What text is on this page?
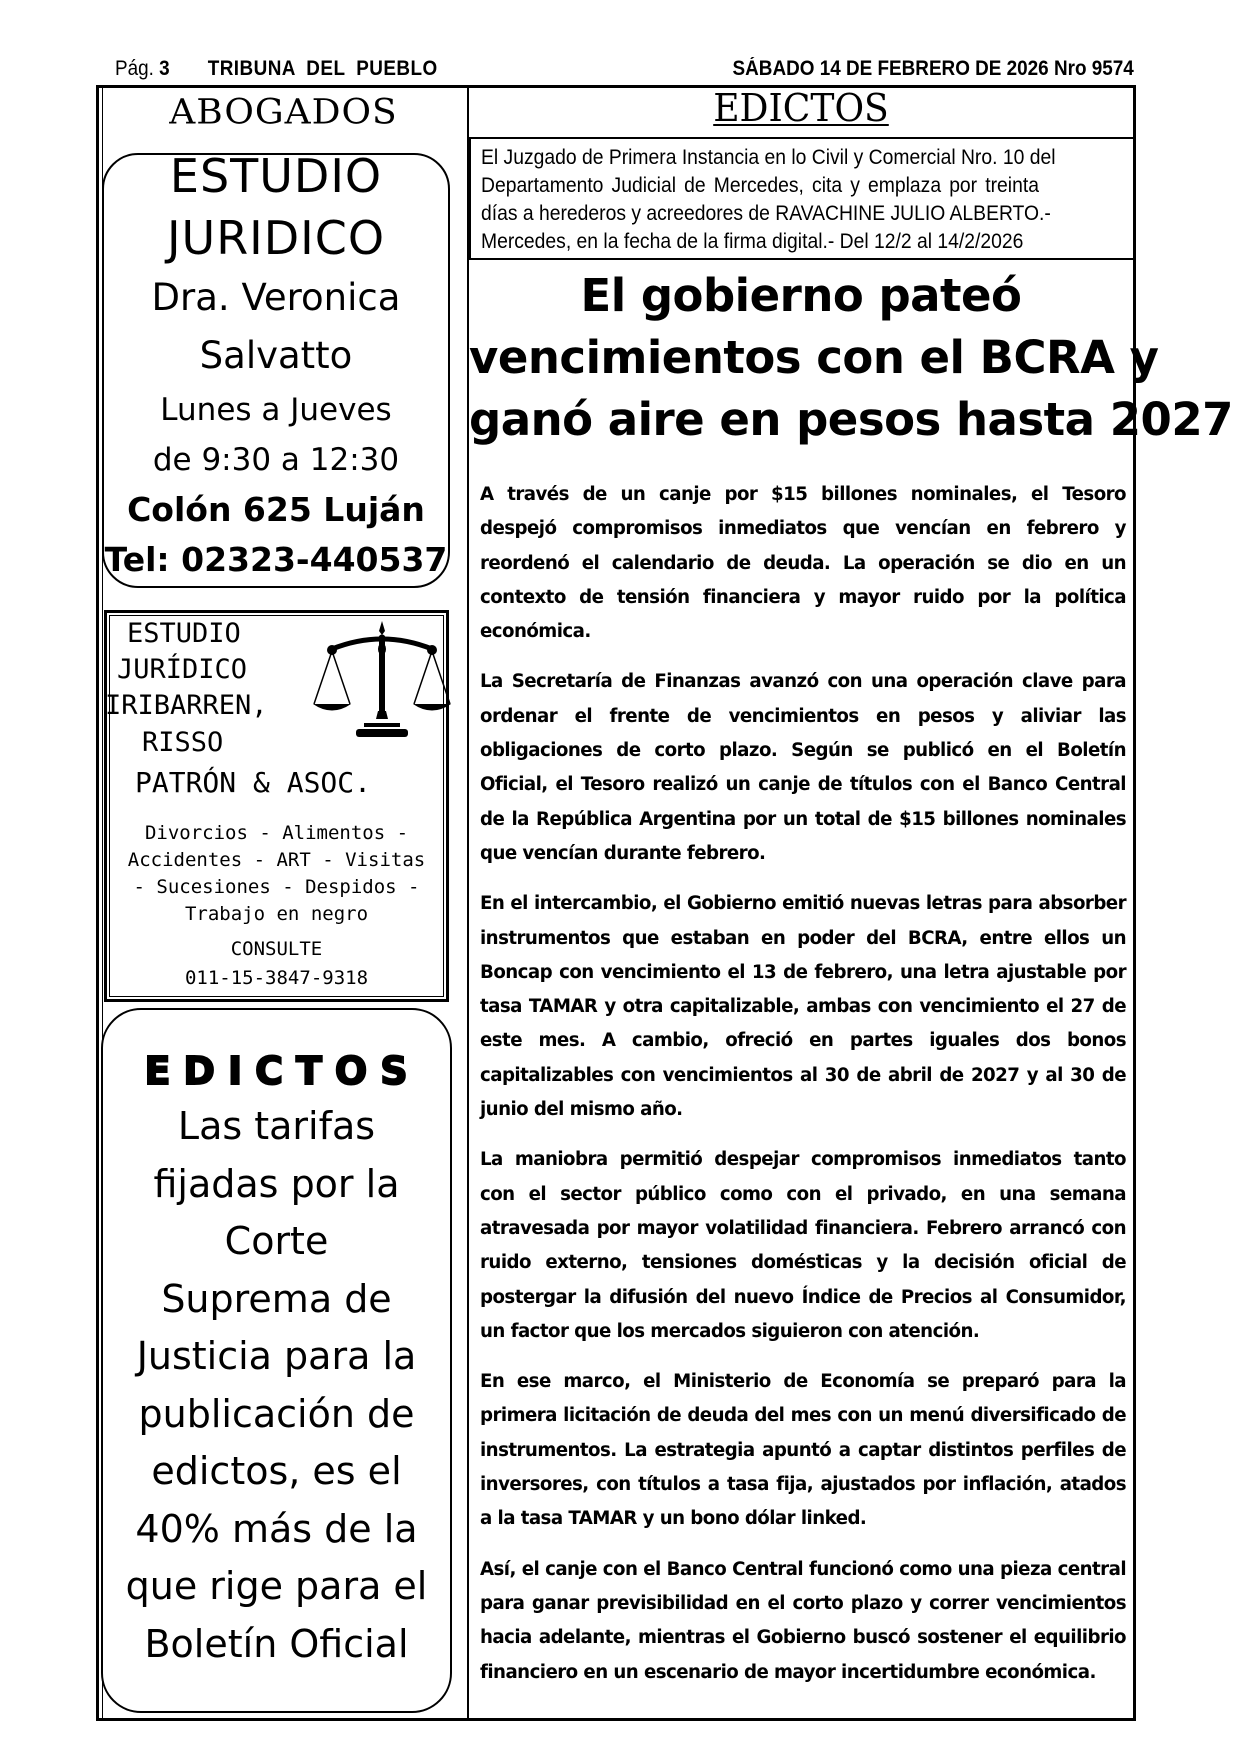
Pág. 3 TRIBUNA DEL PUEBLO	SÁBADO 14 DE FEBRERO DE 2026 Nro 9574
ABOGADOS
ESTUDIO
JURIDICO
Dra. Veronica
Salvatto
Lunes a Jueves
de 9:30 a 12:30
Colón 625 Luján
Tel: 02323-440537
ESTUDIO
JURÍDICO
IRIBARREN,
RISSO
PATRÓN & ASOC.
Divorcios - Alimentos -
Accidentes - ART - Visitas
- Sucesiones - Despidos -
Trabajo en negro
CONSULTE
011-15-3847-9318
EDICTOS
Las tarifas
fijadas por la
Corte
Suprema de
Justicia para la
publicación de
edictos, es el
40% más de la
que rige para el
Boletín Oficial
EDICTOS
El Juzgado de Primera Instancia en lo Civil y Comercial Nro. 10 del
Departamento Judicial de Mercedes, cita y emplaza por treinta
días a herederos y acreedores de RAVACHINE JULIO ALBERTO.-
Mercedes, en la fecha de la firma digital.- Del 12/2 al 14/2/2026
El gobierno pateó
vencimientos con el BCRA y
ganó aire en pesos hasta 2027

A través de un canje por $15 billones nominales, el Tesoro despejó compromisos inmediatos que vencían en febrero y reordenó el calendario de deuda. La operación se dio en un contexto de tensión financiera y mayor ruido por la política económica.

La Secretaría de Finanzas avanzó con una operación clave para ordenar el frente de vencimientos en pesos y aliviar las obligaciones de corto plazo. Según se publicó en el Boletín Oficial, el Tesoro realizó un canje de títulos con el Banco Central de la República Argentina por un total de $15 billones nominales que vencían durante febrero.

En el intercambio, el Gobierno emitió nuevas letras para absorber instrumentos que estaban en poder del BCRA, entre ellos un Boncap con vencimiento el 13 de febrero, una letra ajustable por tasa TAMAR y otra capitalizable, ambas con vencimiento el 27 de este mes. A cambio, ofreció en partes iguales dos bonos capitalizables con vencimientos al 30 de abril de 2027 y al 30 de junio del mismo año.

La maniobra permitió despejar compromisos inmediatos tanto con el sector público como con el privado, en una semana atravesada por mayor volatilidad financiera. Febrero arrancó con ruido externo, tensiones domésticas y la decisión oficial de postergar la difusión del nuevo Índice de Precios al Consumidor, un factor que los mercados siguieron con atención.

En ese marco, el Ministerio de Economía se preparó para la primera licitación de deuda del mes con un menú diversificado de instrumentos. La estrategia apuntó a captar distintos perfiles de inversores, con títulos a tasa fija, ajustados por inflación, atados a la tasa TAMAR y un bono dólar linked.

Así, el canje con el Banco Central funcionó como una pieza central para ganar previsibilidad en el corto plazo y correr vencimientos hacia adelante, mientras el Gobierno buscó sostener el equilibrio financiero en un escenario de mayor incertidumbre económica.
